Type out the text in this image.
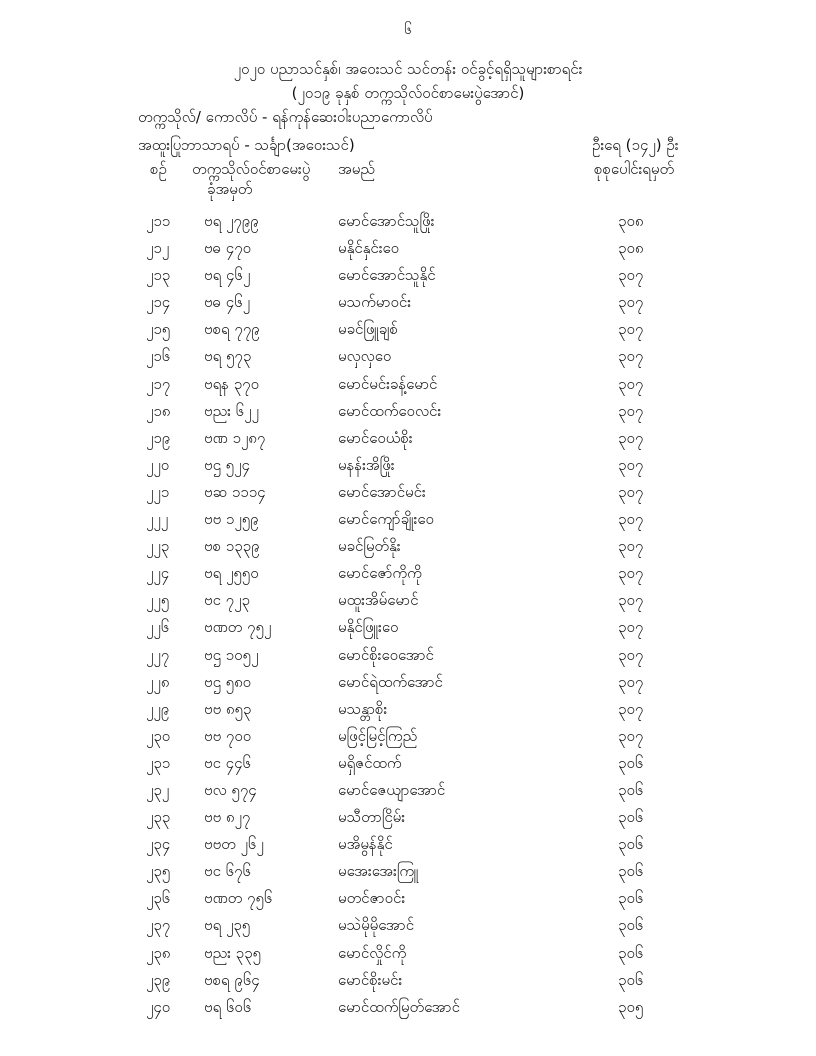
၆
၂၀၂၀ ပညာသင်နှစ်၊ အဝေးသင် သင်တန်း ဝင်ခွင့်ရရှိသူများစာရင်း
(၂၀၁၉ ခုနှစ် တက္ကသိုလ်ဝင်စာမေးပွဲအောင်)
တက္ကသိုလ်/ ကောလိပ် - ရန်ကုန်ဆေးဝါးပညာကောလိပ်
အထူးပြုဘာသာရပ် - သင်္ချာ(အဝေးသင်)	ဦးရေ (၁၄၂) ဦး
စဉ် တက္ကသိုလ်ဝင်စာမေးပွဲ
ခုံအမှတ်
အမည်	စုစုပေါင်းရမှတ်
၂၁၁ ဗရ ၂၇၉၉	မောင်အောင်သူဖြိုး	၃၀၈
၂၁၂ ဗဓ ၄၇၀	မနိုင်နှင်းဝေ	၃၀၈
၂၁၃ ဗရ ၄၆၂	မောင်အောင်သူနိုင်	၃၀၇
၂၁၄ ဗဓ ၄၆၂	မသက်မာဝင်း	၃၀၇
၂၁၅ ဗစရ ၇၇၉	မခင်ဖြူချစ်	၃၀၇
၂၁၆ ဗရ ၅၇၃	မလှလှဝေ	၃၀၇
၂၁၇ ဗရန ၃၇၀	မောင်မင်းခန့်မောင်	၃၀၇
၂၁၈ ဗညး ၆၂၂	မောင်ထက်ဝေလင်း	၃၀၇
၂၁၉ ဗဏ ၁၂၈၇	မောင်ဝေယံစိုး	၃၀၇
၂၂၀ ဗဌ ၅၂၄	မနန်းအိဖြိုး	၃၀၇
၂၂၁ ဗဆ ၁၁၁၄	မောင်အောင်မင်း	၃၀၇
၂၂၂ ဗဗ ၁၂၅၉	မောင်ကျော်ချိုးဝေ	၃၀၇
၂၂၃ ဗစ ၁၃၃၉	မခင်မြတ်နိုး	၃၀၇
၂၂၄ ဗရ ၂၅၅၀	မောင်ဇော်ကိုကို	၃၀၇
၂၂၅ ဗင ၇၂၃	မထူးအိမ်မောင်	၃၀၇
၂၂၆ ဗဏတ ၇၅၂	မနိုင်ဖြူးဝေ	၃၀၇
၂၂၇ ဗဌ ၁၀၅၂	မောင်စိုးဝေအောင်	၃၀၇
၂၂၈ ဗဌ ၅၈၀	မောင်ရဲထက်အောင်	၃၀၇
၂၂၉ ဗဗ ၈၅၃	မသန္တာစိုး	၃၀၇
၂၃၀ ဗဗ ၇၀၀	မဖြင့်မြင့်ကြည်	၃၀၇
၂၃၁ ဗင ၄၄၆	မရှိဇင်ထက်	၃၀၆
၂၃၂ ဗလ ၅၇၄	မောင်ဇေယျာအောင်	၃၀၆
၂၃၃ ဗဗ ၈၂၇	မသီတာငြိမ်း	၃၀၆
၂၃၄ ဗဗတ ၂၆၂	မအိမွန်နိုင်	၃၀၆
၂၃၅ ဗင ၆၇၆	မအေးအေးကြူ	၃၀၆
၂၃၆ ဗဏတ ၇၅၆	မတင်ဇာဝင်း	၃၀၆
၂၃၇ ဗရ ၂၃၅	မသဲမိုမိုအောင်	၃၀၆
၂၃၈ ဗညး ၃၃၅	မောင်လှိုင်ကို	၃၀၆
၂၃၉ ဗစရ ၉၆၄	မောင်စိုးမင်း	၃၀၆
၂၄၀ ဗရ ၆၀၆	မောင်ထက်မြတ်အောင်	၃၀၅
